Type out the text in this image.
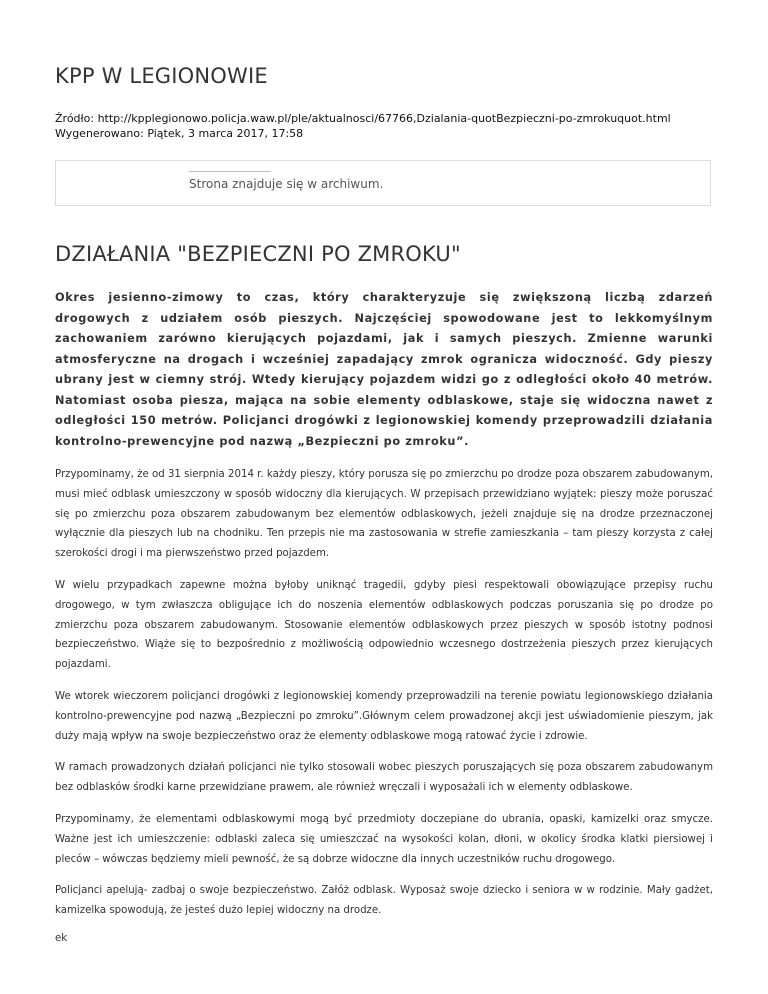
KPP W LEGIONOWIE
Źródło: http://kpplegionowo.policja.waw.pl/ple/aktualnosci/67766,Dzialania-quotBezpieczni-po-zmrokuquot.html
Wygenerowano: Piątek, 3 marca 2017, 17:58
Strona znajduje się w archiwum.
DZIAŁANIA "BEZPIECZNI PO ZMROKU"

Okres jesienno-zimowy to czas, który charakteryzuje się zwiększoną liczbą zdarzeń drogowych z udziałem osób pieszych. Najczęściej spowodowane jest to lekkomyślnym zachowaniem zarówno kierujących pojazdami, jak i samych pieszych. Zmienne warunki atmosferyczne na drogach i wcześniej zapadający zmrok ogranicza widoczność. Gdy pieszy ubrany jest w ciemny strój. Wtedy kierujący pojazdem widzi go z odległości około 40 metrów. Natomiast osoba piesza, mająca na sobie elementy odblaskowe, staje się widoczna nawet z odległości 150 metrów. Policjanci drogówki z legionowskiej komendy przeprowadzili działania kontrolno-prewencyjne pod nazwą „Bezpieczni po zmroku”.

Przypominamy, że od 31 sierpnia 2014 r. każdy pieszy, który porusza się po zmierzchu po drodze poza obszarem zabudowanym, musi mieć odblask umieszczony w sposób widoczny dla kierujących. W przepisach przewidziano wyjątek: pieszy może poruszać się po zmierzchu poza obszarem zabudowanym bez elementów odblaskowych, jeżeli znajduje się na drodze przeznaczonej wyłącznie dla pieszych lub na chodniku. Ten przepis nie ma zastosowania w strefie zamieszkania – tam pieszy korzysta z całej szerokości drogi i ma pierwszeństwo przed pojazdem.

W wielu przypadkach zapewne można byłoby uniknąć tragedii, gdyby piesi respektowali obowiązujące przepisy ruchu drogowego, w tym zwłaszcza obligujące ich do noszenia elementów odblaskowych podczas poruszania się po drodze po zmierzchu poza obszarem zabudowanym. Stosowanie elementów odblaskowych przez pieszych w sposób istotny podnosi bezpieczeństwo. Wiąże się to bezpośrednio z możliwością odpowiednio wczesnego dostrzeżenia pieszych przez kierujących pojazdami.

We wtorek wieczorem policjanci drogówki z legionowskiej komendy przeprowadzili na terenie powiatu legionowskiego działania kontrolno-prewencyjne pod nazwą „Bezpieczni po zmroku”.Głównym celem prowadzonej akcji jest uświadomienie pieszym, jak duży mają wpływ na swoje bezpieczeństwo oraz że elementy odblaskowe mogą ratować życie i zdrowie.

W ramach prowadzonych działań policjanci nie tylko stosowali wobec pieszych poruszających się poza obszarem zabudowanym bez odblasków środki karne przewidziane prawem, ale również wręczali i wyposażali ich w elementy odblaskowe.

Przypominamy, że elementami odblaskowymi mogą być przedmioty doczepiane do ubrania, opaski, kamizelki oraz smycze. Ważne jest ich umieszczenie: odblaski zaleca się umieszczać na wysokości kolan, dłoni, w okolicy środka klatki piersiowej i pleców – wówczas będziemy mieli pewność, że są dobrze widoczne dla innych uczestników ruchu drogowego.

Policjanci apelują- zadbaj o swoje bezpieczeństwo. Załóż odblask. Wyposaż swoje dziecko i seniora w w rodzinie. Mały gadżet, kamizelka spowodują, że jesteś dużo lepiej widoczny na drodze.

ek
